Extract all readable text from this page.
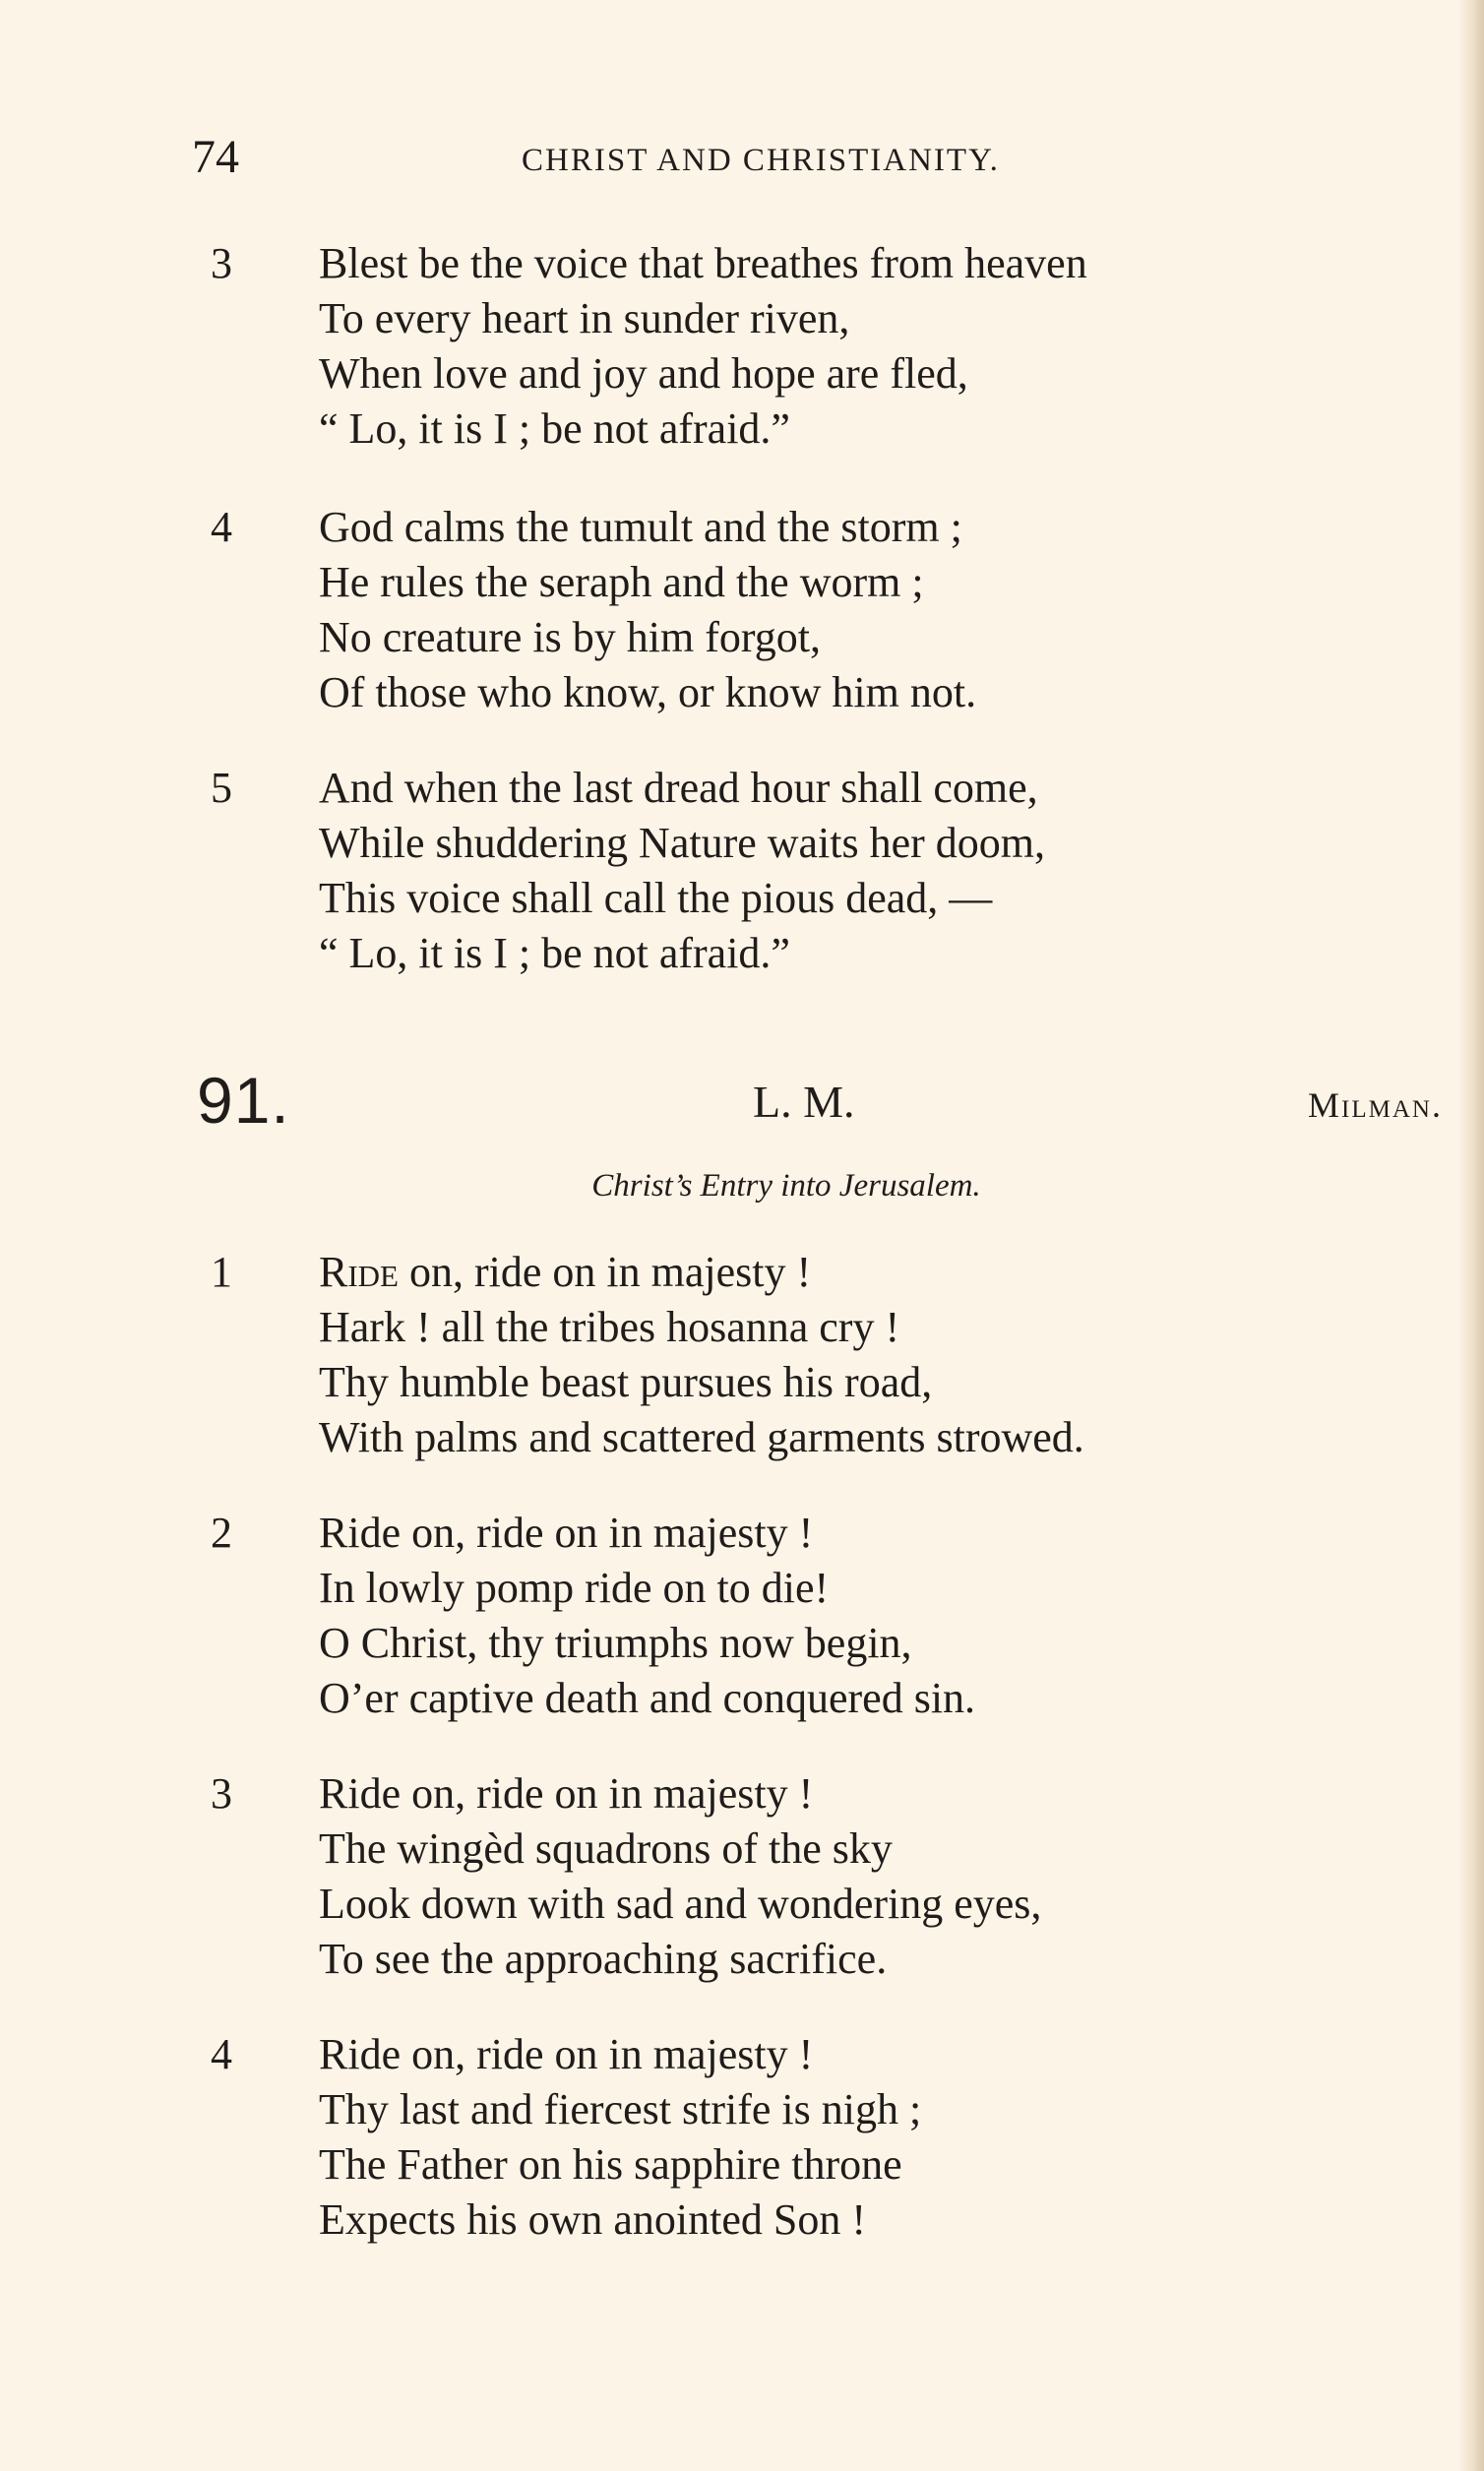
74	CHRIST AND CHRISTIANITY.
3 Blest be the voice that breathes from heaven
To every heart in sunder riven,
When love and joy and hope are fled,
“ Lo, it is I ; be not afraid.”
4 God calms the tumult and the storm ;
He rules the seraph and the worm ;
No creature is by him forgot,
Of those who know, or know him not.
5 And when the last dread hour shall come,
While shuddering Nature waits her doom,
This voice shall call the pious dead, —
“ Lo, it is I ; be not afraid.”
91.	L. M.	Milman.
Christ’s Entry into Jerusalem.
1 Ride on, ride on in majesty !
Hark ! all the tribes hosanna cry !
Thy humble beast pursues his road,
With palms and scattered garments strowed.
2 Ride on, ride on in majesty !
In lowly pomp ride on to die!
O Christ, thy triumphs now begin,
O’er captive death and conquered sin.
3 Ride on, ride on in majesty !
The wingèd squadrons of the sky
Look down with sad and wondering eyes,
To see the approaching sacrifice.
4 Ride on, ride on in majesty !
Thy last and fiercest strife is nigh ;
The Father on his sapphire throne
Expects his own anointed Son !
